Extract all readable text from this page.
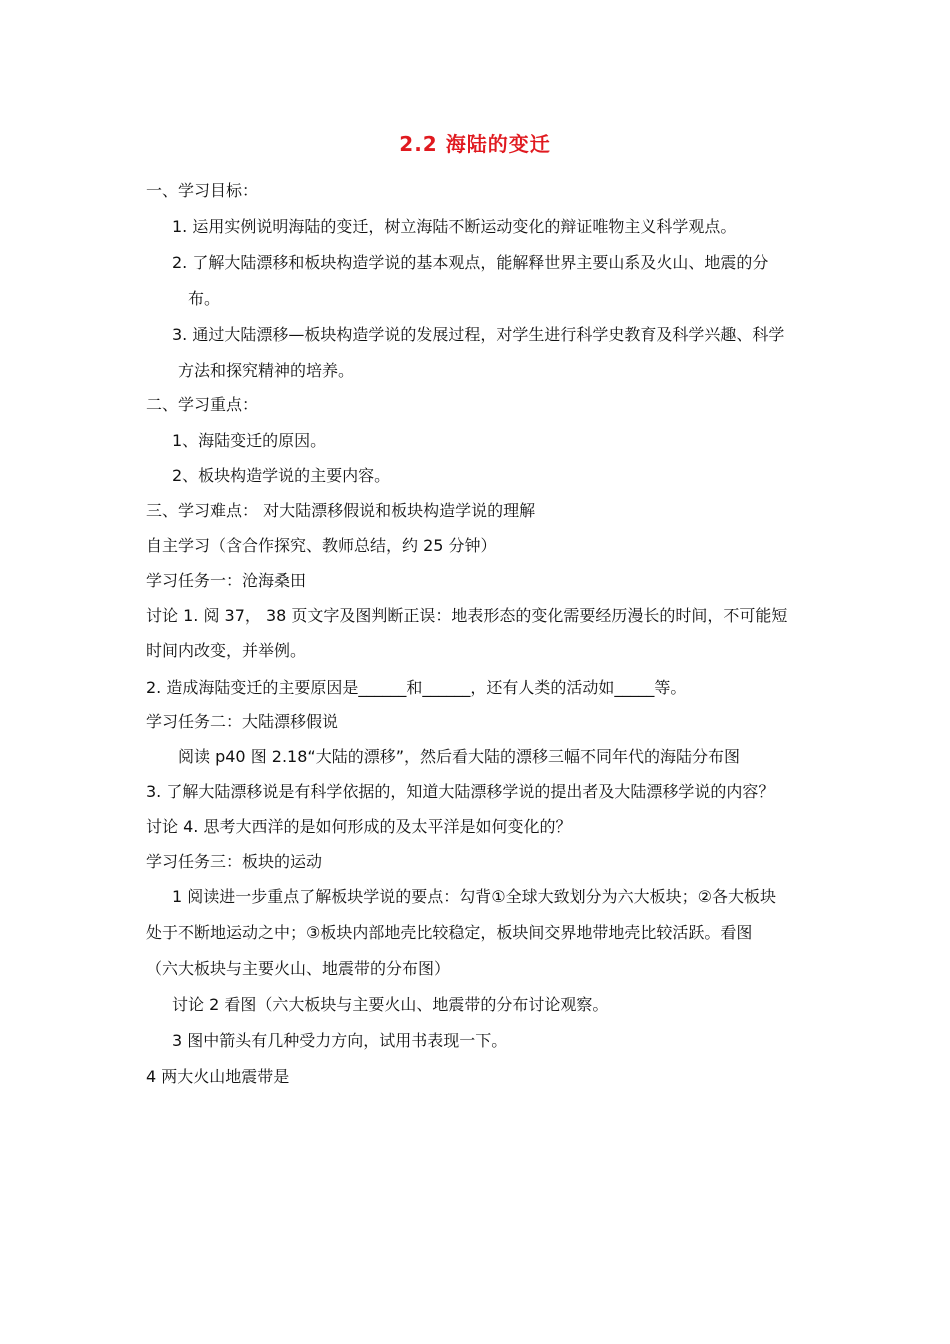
2.2 海陆的变迁
一、学习目标：
1. 运用实例说明海陆的变迁，树立海陆不断运动变化的辩证唯物主义科学观点。
2. 了解大陆漂移和板块构造学说的基本观点，能解释世界主要山系及火山、地震的分
布。
3. 通过大陆漂移—板块构造学说的发展过程，对学生进行科学史教育及科学兴趣、科学
方法和探究精神的培养。
二、学习重点：
1、海陆变迁的原因。
2、板块构造学说的主要内容。
三、学习难点： 对大陆漂移假说和板块构造学说的理解
自主学习（含合作探究、教师总结，约 25 分钟）
学习任务一：沧海桑田
讨论 1. 阅 37， 38 页文字及图判断正误：地表形态的变化需要经历漫长的时间，不可能短
时间内改变，并举例。
2. 造成海陆变迁的主要原因是______和______，还有人类的活动如_____等。
学习任务二：大陆漂移假说
阅读 p40 图 2.18“大陆的漂移”，然后看大陆的漂移三幅不同年代的海陆分布图
3. 了解大陆漂移说是有科学依据的，知道大陆漂移学说的提出者及大陆漂移学说的内容？
讨论 4. 思考大西洋的是如何形成的及太平洋是如何变化的？
学习任务三：板块的运动
1 阅读进一步重点了解板块学说的要点：勾背①全球大致划分为六大板块；②各大板块
处于不断地运动之中；③板块内部地壳比较稳定，板块间交界地带地壳比较活跃。看图
（六大板块与主要火山、地震带的分布图）
讨论 2 看图（六大板块与主要火山、地震带的分布讨论观察。
3 图中箭头有几种受力方向，试用书表现一下。
4 两大火山地震带是
